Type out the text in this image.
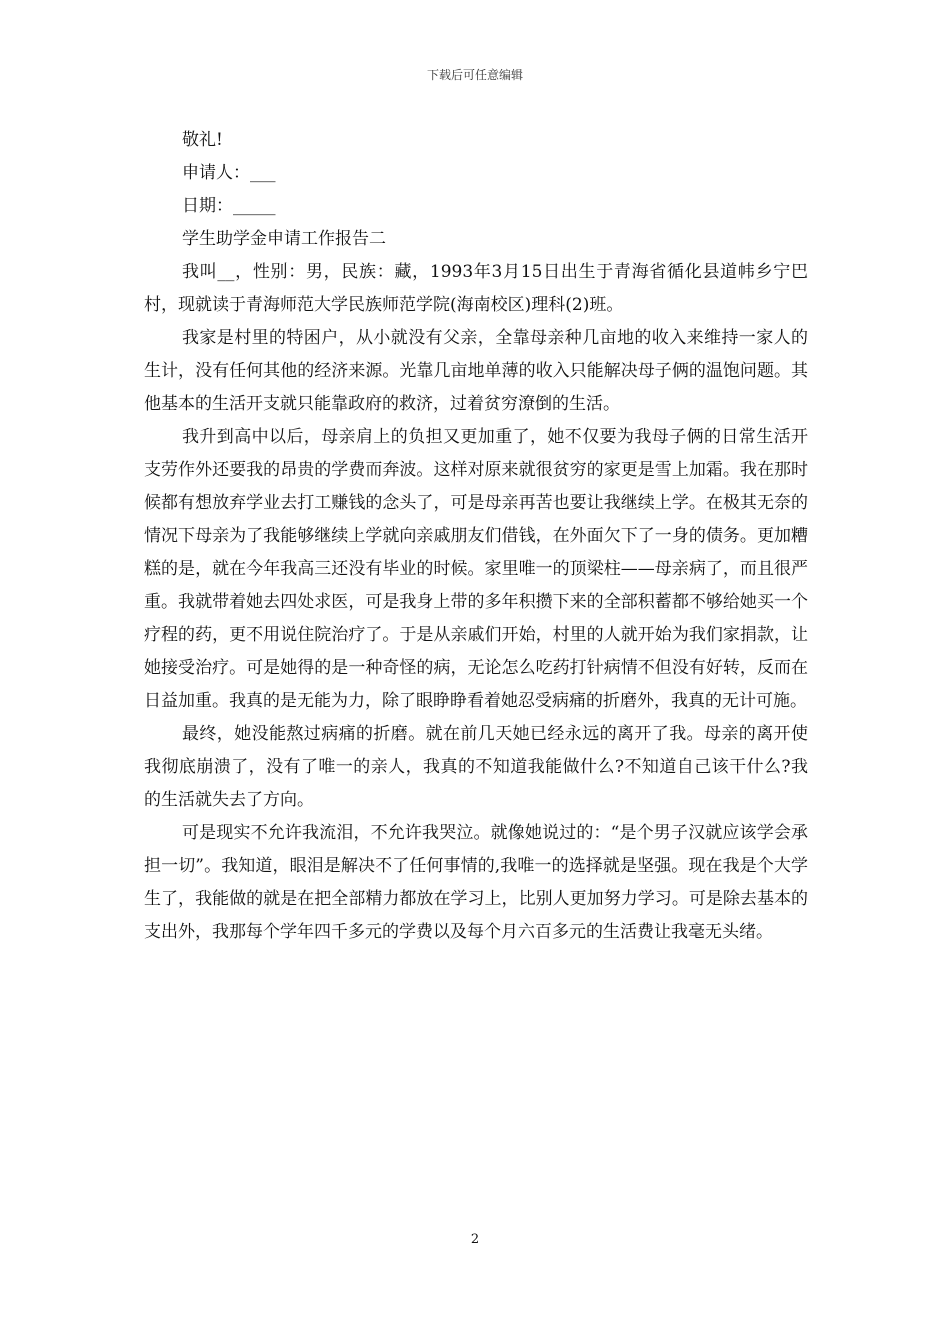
下载后可任意编辑
敬礼!
申请人：___
日期：_____
学生助学金申请工作报告二

我叫__，性别：男，民族：藏，1993年3月15日出生于青海省循化县道帏乡宁巴村，现就读于青海师范大学民族师范学院(海南校区)理科(2)班。

我家是村里的特困户，从小就没有父亲，全靠母亲种几亩地的收入来维持一家人的生计，没有任何其他的经济来源。光靠几亩地单薄的收入只能解决母子俩的温饱问题。其他基本的生活开支就只能靠政府的救济，过着贫穷潦倒的生活。

我升到高中以后，母亲肩上的负担又更加重了，她不仅要为我母子俩的日常生活开支劳作外还要我的昂贵的学费而奔波。这样对原来就很贫穷的家更是雪上加霜。我在那时候都有想放弃学业去打工赚钱的念头了，可是母亲再苦也要让我继续上学。在极其无奈的情况下母亲为了我能够继续上学就向亲戚朋友们借钱，在外面欠下了一身的债务。更加糟糕的是，就在今年我高三还没有毕业的时候。家里唯一的顶梁柱——母亲病了，而且很严重。我就带着她去四处求医，可是我身上带的多年积攒下来的全部积蓄都不够给她买一个疗程的药，更不用说住院治疗了。于是从亲戚们开始，村里的人就开始为我们家捐款，让她接受治疗。可是她得的是一种奇怪的病，无论怎么吃药打针病情不但没有好转，反而在日益加重。我真的是无能为力，除了眼睁睁看着她忍受病痛的折磨外，我真的无计可施。

最终，她没能熬过病痛的折磨。就在前几天她已经永远的离开了我。母亲的离开使我彻底崩溃了，没有了唯一的亲人，我真的不知道我能做什么?不知道自己该干什么?我的生活就失去了方向。

可是现实不允许我流泪，不允许我哭泣。就像她说过的：“是个男子汉就应该学会承担一切”。我知道，眼泪是解决不了任何事情的,我唯一的选择就是坚强。现在我是个大学生了，我能做的就是在把全部精力都放在学习上，比别人更加努力学习。可是除去基本的支出外，我那每个学年四千多元的学费以及每个月六百多元的生活费让我毫无头绪。

2
